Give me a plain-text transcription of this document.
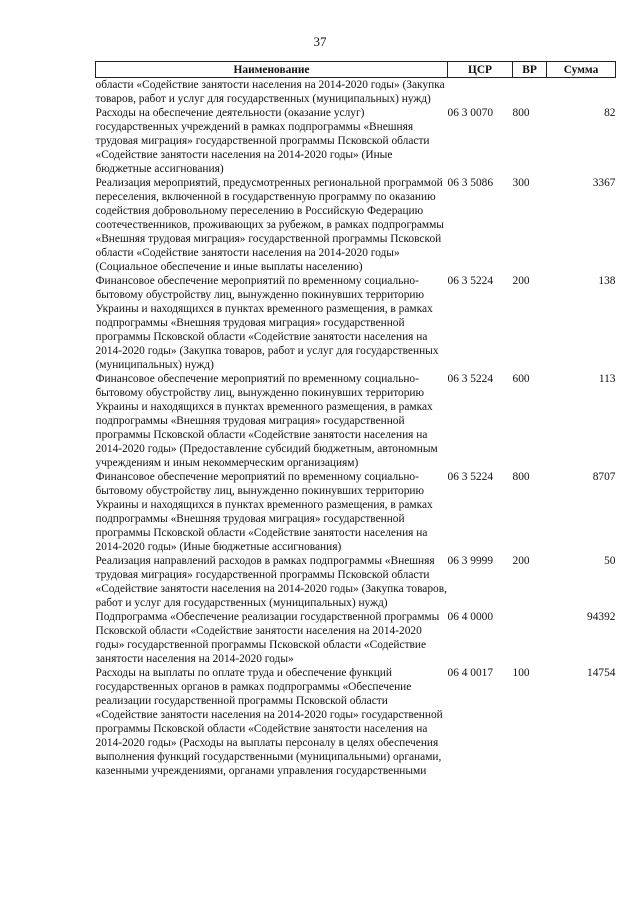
37
Наименование	ЦСР	ВР	Сумма
области «Содействие занятости населения на 2014-2020 годы» (Закупка товаров, работ и услуг для государственных (муниципальных) нужд)			
Расходы на обеспечение деятельности (оказание услуг) государственных учреждений в рамках подпрограммы «Внешняя трудовая миграция» государственной программы Псковской области «Содействие занятости населения на 2014-2020 годы» (Иные бюджетные ассигнования)	06 3 0070	800	82
Реализация мероприятий, предусмотренных региональной программой переселения, включенной в государственную программу по оказанию содействия добровольному переселению в Российскую Федерацию соотечественников, проживающих за рубежом, в рамках подпрограммы «Внешняя трудовая миграция» государственной программы Псковской области «Содействие занятости населения на 2014-2020 годы» (Социальное обеспечение и иные выплаты населению)	06 3 5086	300	3367
Финансовое обеспечение мероприятий по временному социально-бытовому обустройству лиц, вынужденно покинувших территорию Украины и находящихся в пунктах временного размещения, в рамках подпрограммы «Внешняя трудовая миграция» государственной программы Псковской области «Содействие занятости населения на 2014-2020 годы» (Закупка товаров, работ и услуг для государственных (муниципальных) нужд)	06 3 5224	200	138
Финансовое обеспечение мероприятий по временному социально-бытовому обустройству лиц, вынужденно покинувших территорию Украины и находящихся в пунктах временного размещения, в рамках подпрограммы «Внешняя трудовая миграция» государственной программы Псковской области «Содействие занятости населения на 2014-2020 годы» (Предоставление субсидий бюджетным, автономным учреждениям и иным некоммерческим организациям)	06 3 5224	600	113
Финансовое обеспечение мероприятий по временному социально-бытовому обустройству лиц, вынужденно покинувших территорию Украины и находящихся в пунктах временного размещения, в рамках подпрограммы «Внешняя трудовая миграция» государственной программы Псковской области «Содействие занятости населения на 2014-2020 годы» (Иные бюджетные ассигнования)	06 3 5224	800	8707
Реализация направлений расходов в рамках подпрограммы «Внешняя трудовая миграция» государственной программы Псковской области «Содействие занятости населения на 2014-2020 годы» (Закупка товаров, работ и услуг для государственных (муниципальных) нужд)	06 3 9999	200	50
Подпрограмма «Обеспечение реализации государственной программы Псковской области «Содействие занятости населения на 2014-2020 годы» государственной программы Псковской области «Содействие занятости населения на 2014-2020 годы»	06 4 0000		94392
Расходы на выплаты по оплате труда и обеспечение функций государственных органов в рамках подпрограммы «Обеспечение реализации государственной программы Псковской области «Содействие занятости населения на 2014-2020 годы» государственной программы Псковской области «Содействие занятости населения на 2014-2020 годы» (Расходы на выплаты персоналу в целях обеспечения выполнения функций государственными (муниципальными) органами, казенными учреждениями, органами управления государственными	06 4 0017	100	14754
